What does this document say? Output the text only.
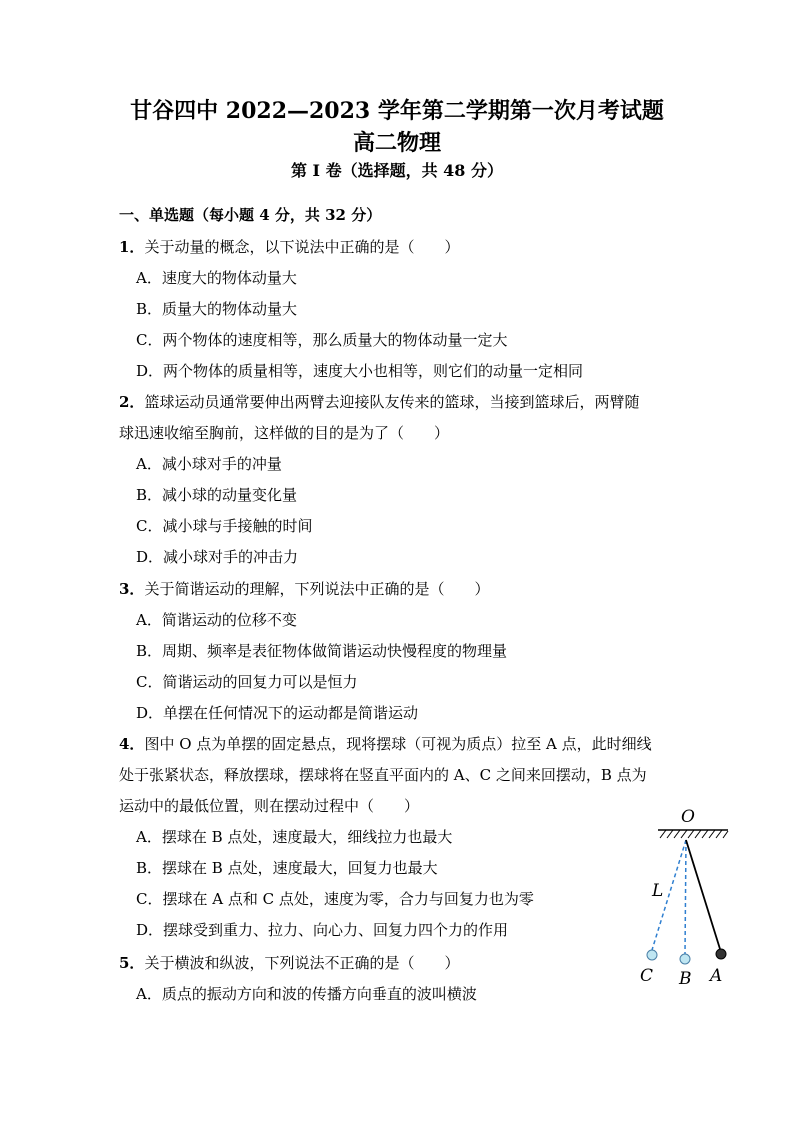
甘谷四中 2022—2023 学年第二学期第一次月考试题
高二物理
第 I 卷（选择题，共 48 分）
一、单选题（每小题 4 分，共 32 分）
1．关于动量的概念，以下说法中正确的是（　　）
A．速度大的物体动量大
B．质量大的物体动量大
C．两个物体的速度相等，那么质量大的物体动量一定大
D．两个物体的质量相等，速度大小也相等，则它们的动量一定相同
2．篮球运动员通常要伸出两臂去迎接队友传来的篮球，当接到篮球后，两臂随
球迅速收缩至胸前，这样做的目的是为了（　　）
A．减小球对手的冲量
B．减小球的动量变化量
C．减小球与手接触的时间
D．减小球对手的冲击力
3．关于简谐运动的理解，下列说法中正确的是（　　）
A．简谐运动的位移不变
B．周期、频率是表征物体做简谐运动快慢程度的物理量
C．简谐运动的回复力可以是恒力
D．单摆在任何情况下的运动都是简谐运动
4．图中 O 点为单摆的固定悬点，现将摆球（可视为质点）拉至 A 点，此时细线
处于张紧状态，释放摆球，摆球将在竖直平面内的 A、C 之间来回摆动，B 点为
运动中的最低位置，则在摆动过程中（　　）
A．摆球在 B 点处，速度最大，细线拉力也最大
B．摆球在 B 点处，速度最大，回复力也最大
C．摆球在 A 点和 C 点处，速度为零，合力与回复力也为零
D．摆球受到重力、拉力、向心力、回复力四个力的作用
5．关于横波和纵波，下列说法不正确的是（　　）
A．质点的振动方向和波的传播方向垂直的波叫横波
O
L
C B A
